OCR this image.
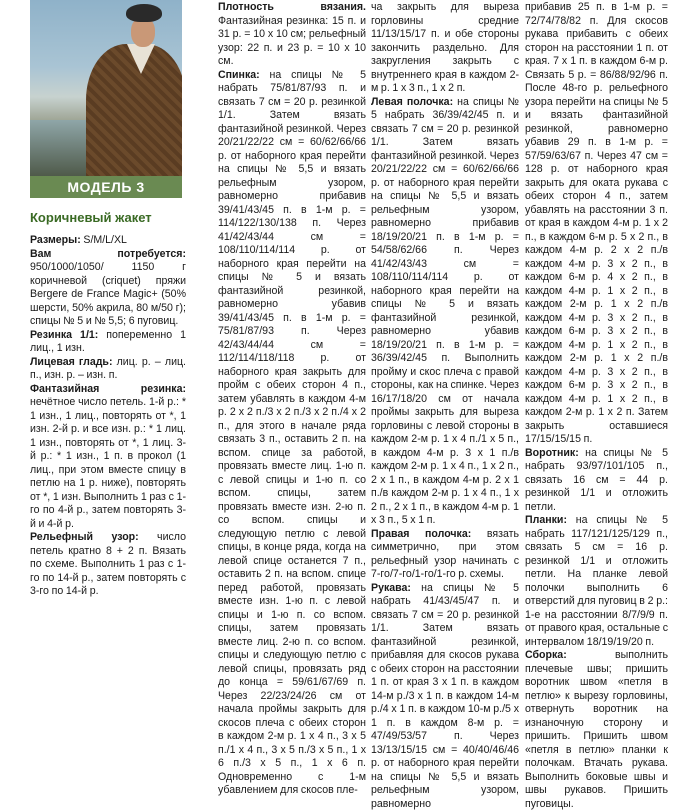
МОДЕЛЬ 3
Коричневый жакет

Размеры: S/M/L/XL

Вам потребуется: 950/1000/1050/ 1150 г коричневой (criquet) пряжи Bergere de France Magic+ (50% шерсти, 50% акрила, 80 м/50 г); спицы № 5 и № 5,5; 6 пуговиц.

Резинка 1/1: попеременно 1 лиц., 1 изн.

Лицевая гладь: лиц. р. – лиц. п., изн. р. – изн. п.

Фантазийная резинка: нечётное число петель. 1-й р.: * 1 изн., 1 лиц., повторять от *, 1 изн. 2-й р. и все изн. р.: * 1 лиц. 1 изн., повторять от *, 1 лиц. 3-й р.: * 1 изн., 1 п. в прокол (1 лиц., при этом вместе спицу в петлю на 1 р. ниже), повторять от *, 1 изн. Выполнить 1 раз с 1-го по 4-й р., затем повторять 3-й и 4-й р.

Рельефный узор: число петель кратно 8 + 2 п. Вязать по схеме. Выполнить 1 раз с 1-го по 14-й р., затем повторять с 3-го по 14-й р.

Плотность вязания. Фантазийная резинка: 15 п. и 31 р. = 10 x 10 см; рельефный узор: 22 п. и 23 р. = 10 x 10 см.

Спинка: на спицы № 5 набрать 75/81/87/93 п. и связать 7 см = 20 р. резинкой 1/1. Затем вязать фантазийной резинкой. Через 20/21/22/22 см = 60/62/66/66 р. от наборного края перейти на спицы № 5,5 и вязать рельефным узором, равномерно прибавив 39/41/43/45 п. в 1-м р. = 114/122/130/138 п. Через 41/42/43/44 см = 108/110/114/114 р. от наборного края перейти на спицы № 5 и вязать фантазийной резинкой, равномерно убавив 39/41/43/45 п. в 1-м р. = 75/81/87/93 п. Через 42/43/44/44 см = 112/114/118/118 р. от наборного края закрыть для пройм с обеих сторон 4 п., затем убавлять в каждом 4-м р. 2 x 2 п./3 x 2 п./3 x 2 п./4 x 2 п., для этого в начале ряда связать 3 п., оставить 2 п. на вспом. спице за работой, провязать вместе лиц. 1-ю п. с левой спицы и 1-ю п. со вспом. спицы, затем провязать вместе изн. 2-ю п. со вспом. спицы и следующую петлю с левой спицы, в конце ряда, когда на левой спице останется 7 п., оставить 2 п. на вспом. спице перед работой, провязать вместе изн. 1-ю п. с левой спицы и 1-ю п. со вспом. спицы, затем провязать вместе лиц. 2-ю п. со вспом. спицы и следующую петлю с левой спицы, провязать ряд до конца = 59/61/67/69 п. Через 22/23/24/26 см от начала проймы закрыть для скосов плеча с обеих сторон в каждом 2-м р. 1 x 4 п., 3 x 5 п./1 x 4 п., 3 x 5 п./3 x 5 п., 1 x 6 п./3 x 5 п., 1 x 6 п. Одновременно с 1-м убавлением для скосов пле-

ча закрыть для выреза горловины средние 11/13/15/17 п. и обе стороны закончить раздельно. Для закругления закрыть с внутреннего края в каждом 2-м р. 1 x 3 п., 1 x 2 п.

Левая полочка: на спицы № 5 набрать 36/39/42/45 п. и связать 7 см = 20 р. резинкой 1/1. Затем вязать фантазийной резинкой. Через 20/21/22/22 см = 60/62/66/66 р. от наборного края перейти на спицы № 5,5 и вязать рельефным узором, равномерно прибавив 18/19/20/21 п. в 1-м р. = 54/58/62/66 п. Через 41/42/43/43 см = 108/110/114/114 р. от наборного края перейти на спицы № 5 и вязать фантазийной резинкой, равномерно убавив 18/19/20/21 п. в 1-м р. = 36/39/42/45 п. Выполнить пройму и скос плеча с правой стороны, как на спинке. Через 16/17/18/20 см от начала проймы закрыть для выреза горловины с левой стороны в каждом 2-м р. 1 x 4 п./1 x 5 п., в каждом 4-м р. 3 x 1 п./в каждом 2-м р. 1 x 4 п., 1 x 2 п., 2 x 1 п., в каждом 4-м р. 2 x 1 п./в каждом 2-м р. 1 x 4 п., 1 x 2 п., 2 x 1 п., в каждом 4-м р. 1 x 3 п., 5 x 1 п.

Правая полочка: вязать симметрично, при этом рельефный узор начинать с 7-го/7-го/1-го/1-го р. схемы.

Рукава: на спицы № 5 набрать 41/43/45/47 п. и связать 7 см = 20 р. резинкой 1/1. Затем вязать фантазийной резинкой, прибавляя для скосов рукава с обеих сторон на расстоянии 1 п. от края 3 x 1 п. в каждом 14-м р./3 x 1 п. в каждом 14-м р./4 x 1 п. в каждом 10-м р./5 x 1 п. в каждом 8-м р. = 47/49/53/57 п. Через 13/13/15/15 см = 40/40/46/46 р. от наборного края перейти на спицы № 5,5 и вязать рельефным узором, равномерно

прибавив 25 п. в 1-м р. = 72/74/78/82 п. Для скосов рукава прибавить с обеих сторон на расстоянии 1 п. от края. 7 x 1 п. в каждом 6-м р. Связать 5 р. = 86/88/92/96 п. После 48-го р. рельефного узора перейти на спицы № 5 и вязать фантазийной резинкой, равномерно убавив 29 п. в 1-м р. = 57/59/63/67 п. Через 47 см = 128 р. от наборного края закрыть для оката рукава с обеих сторон 4 п., затем убавлять на расстоянии 3 п. от края в каждом 4-м р. 1 x 2 п., в каждом 6-м р. 5 x 2 п., в каждом 4-м р. 2 x 2 п./в каждом 4-м р. 3 x 2 п., в каждом 6-м р. 4 x 2 п., в каждом 4-м р. 1 x 2 п., в каждом 2-м р. 1 x 2 п./в каждом 4-м р. 3 x 2 п., в каждом 6-м р. 3 x 2 п., в каждом 4-м р. 1 x 2 п., в каждом 2-м р. 1 x 2 п./в каждом 4-м р. 3 x 2 п., в каждом 6-м р. 3 x 2 п., в каждом 4-м р. 1 x 2 п., в каждом 2-м р. 1 x 2 п. Затем закрыть оставшиеся 17/15/15/15 п.

Воротник: на спицы № 5 набрать 93/97/101/105 п., связать 16 см = 44 р. резинкой 1/1 и отложить петли.

Планки: на спицы № 5 набрать 117/121/125/129 п., связать 5 см = 16 р. резинкой 1/1 и отложить петли. На планке левой полочки выполнить 6 отверстий для пуговиц в 2 р.: 1-е на расстоянии 8/7/9/9 п. от правого края, остальные с интервалом 18/19/19/20 п.

Сборка: выполнить плечевые швы; пришить воротник швом «петля в петлю» к вырезу горловины, отвернуть воротник на изнаночную сторону и пришить. Пришить швом «петля в петлю» планки к полочкам. Втачать рукава. Выполнить боковые швы и швы рукавов. Пришить пуговицы.
